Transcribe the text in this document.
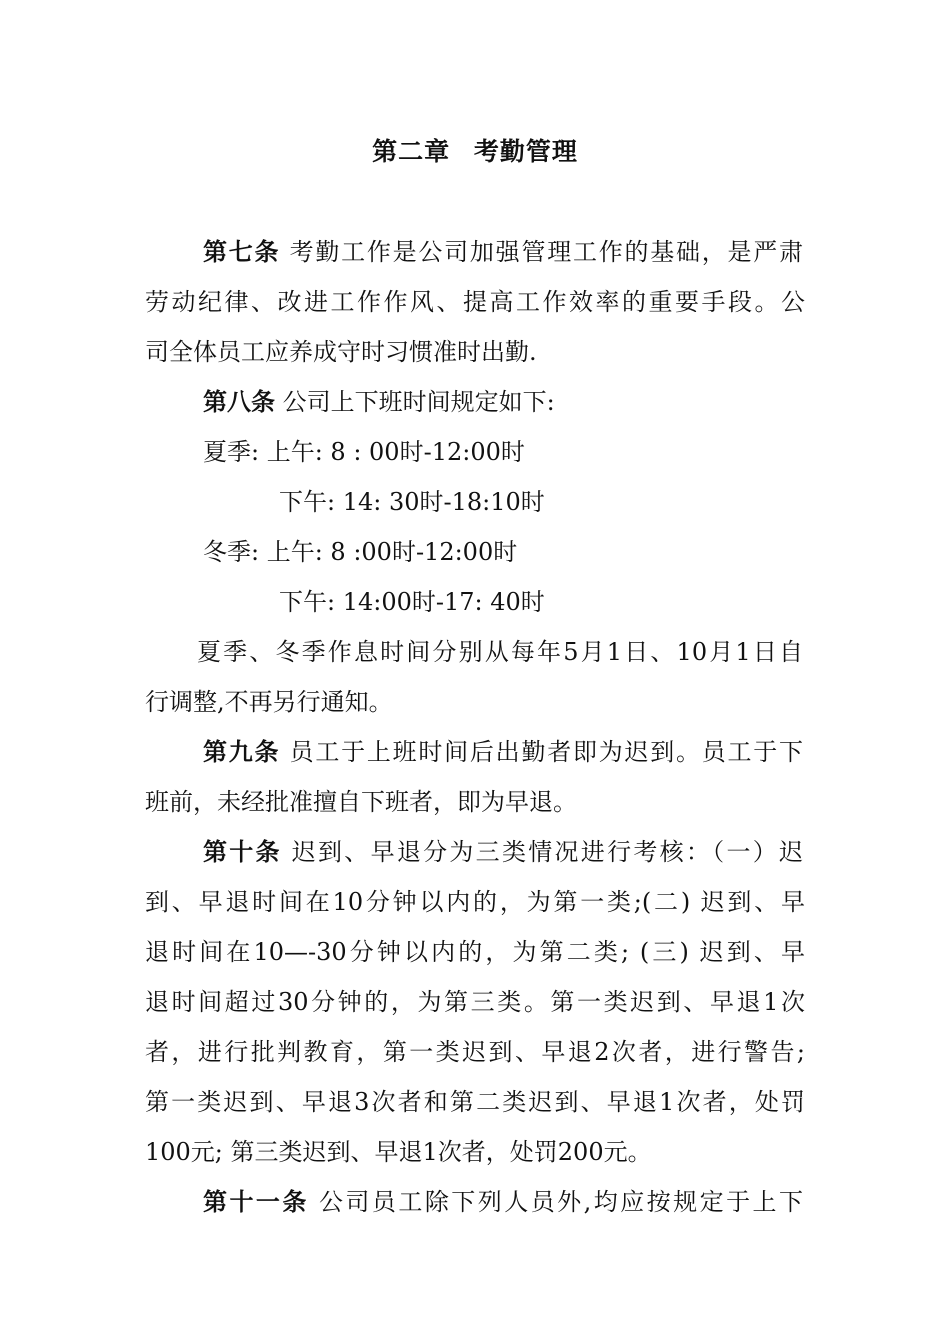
第二章 考勤管理
第七条 考勤工作是公司加强管理工作的基础，是严肃
劳动纪律、改进工作作风、提高工作效率的重要手段。公
司全体员工应养成守时习惯准时出勤.
第八条 公司上下班时间规定如下:
夏季: 上午: 8 : 00时-12:00时
下午: 14: 30时-18:10时
冬季: 上午: 8 :00时-12:00时
下午: 14:00时-17: 40时
夏季、冬季作息时间分别从每年5月1日、10月1日自
行调整,不再另行通知。
第九条 员工于上班时间后出勤者即为迟到。员工于下
班前，未经批准擅自下班者，即为早退。
第十条 迟到、早退分为三类情况进行考核：（一）迟
到、早退时间在10分钟以内的，为第一类;(二) 迟到、早
退时间在10—-30分钟以内的，为第二类; (三) 迟到、早
退时间超过30分钟的，为第三类。第一类迟到、早退1次
者，进行批判教育，第一类迟到、早退2次者，进行警告;
第一类迟到、早退3次者和第二类迟到、早退1次者，处罚
100元; 第三类迟到、早退1次者，处罚200元。
第十一条 公司员工除下列人员外,均应按规定于上下
